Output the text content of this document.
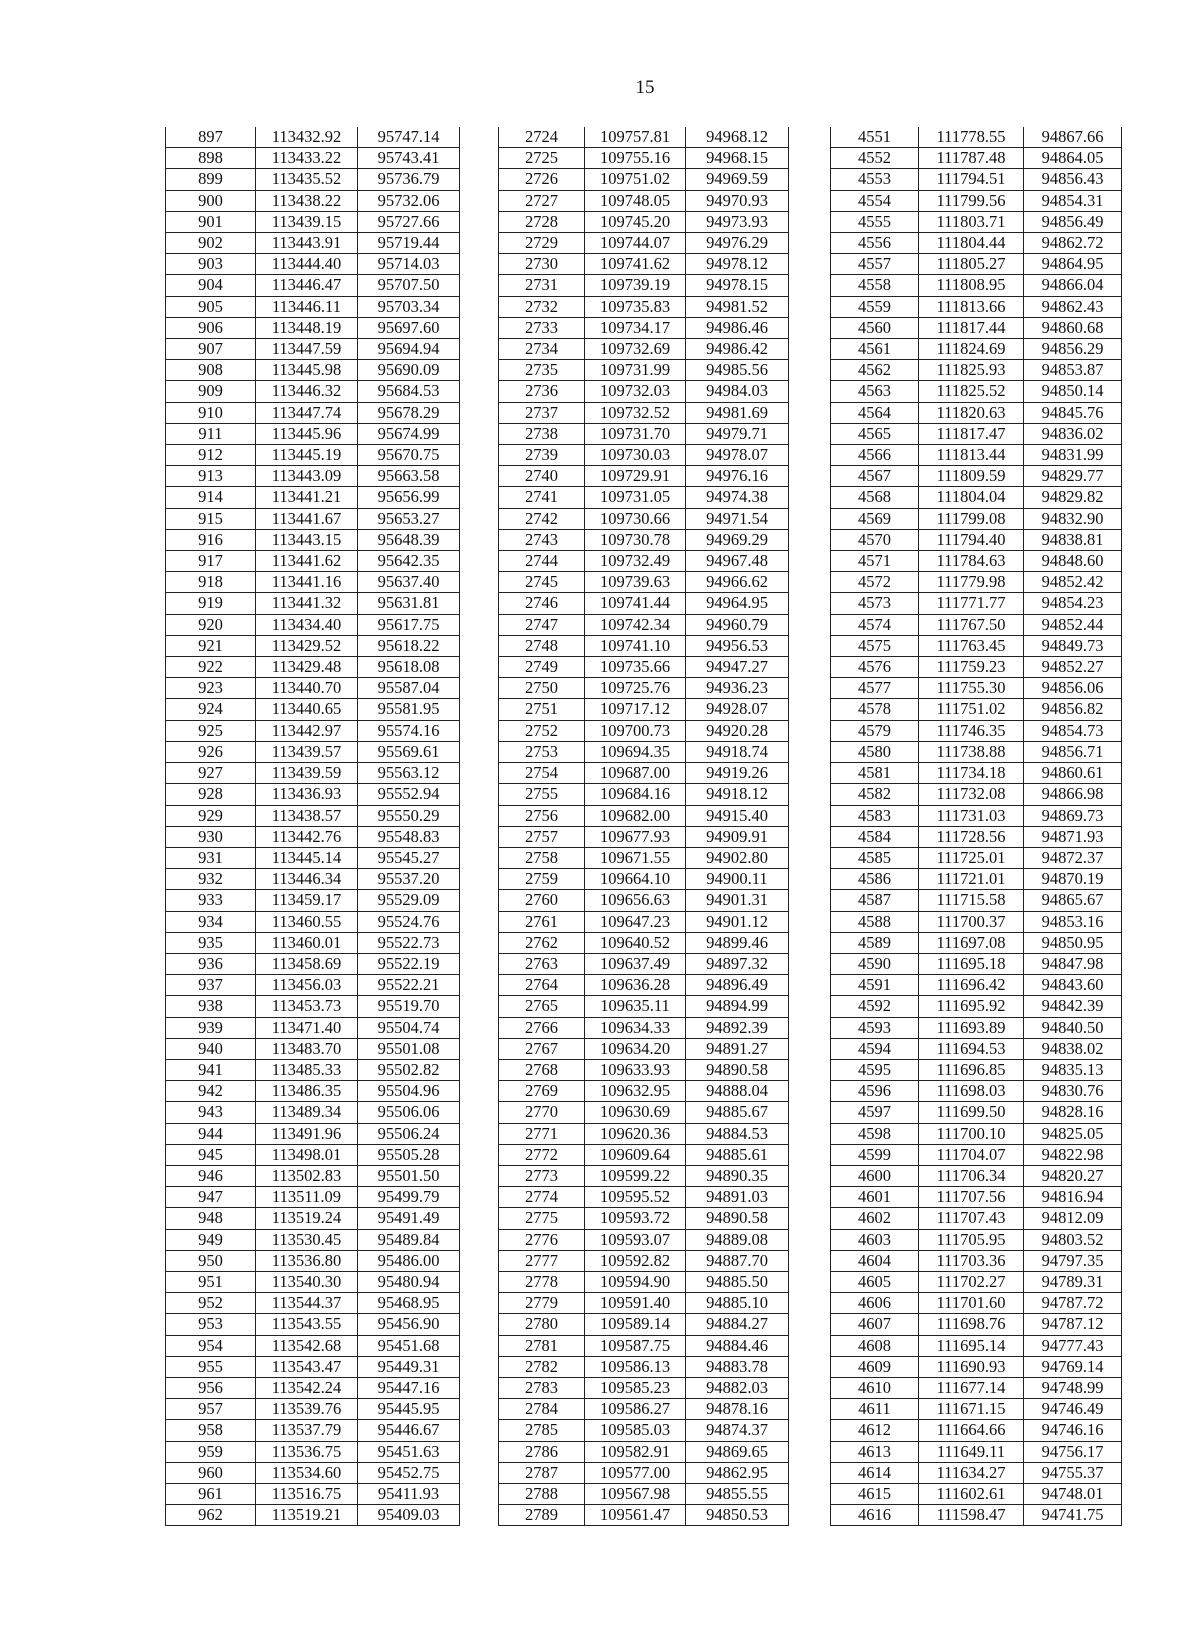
15
897	113432.92	95747.14
898	113433.22	95743.41
899	113435.52	95736.79
900	113438.22	95732.06
901	113439.15	95727.66
902	113443.91	95719.44
903	113444.40	95714.03
904	113446.47	95707.50
905	113446.11	95703.34
906	113448.19	95697.60
907	113447.59	95694.94
908	113445.98	95690.09
909	113446.32	95684.53
910	113447.74	95678.29
911	113445.96	95674.99
912	113445.19	95670.75
913	113443.09	95663.58
914	113441.21	95656.99
915	113441.67	95653.27
916	113443.15	95648.39
917	113441.62	95642.35
918	113441.16	95637.40
919	113441.32	95631.81
920	113434.40	95617.75
921	113429.52	95618.22
922	113429.48	95618.08
923	113440.70	95587.04
924	113440.65	95581.95
925	113442.97	95574.16
926	113439.57	95569.61
927	113439.59	95563.12
928	113436.93	95552.94
929	113438.57	95550.29
930	113442.76	95548.83
931	113445.14	95545.27
932	113446.34	95537.20
933	113459.17	95529.09
934	113460.55	95524.76
935	113460.01	95522.73
936	113458.69	95522.19
937	113456.03	95522.21
938	113453.73	95519.70
939	113471.40	95504.74
940	113483.70	95501.08
941	113485.33	95502.82
942	113486.35	95504.96
943	113489.34	95506.06
944	113491.96	95506.24
945	113498.01	95505.28
946	113502.83	95501.50
947	113511.09	95499.79
948	113519.24	95491.49
949	113530.45	95489.84
950	113536.80	95486.00
951	113540.30	95480.94
952	113544.37	95468.95
953	113543.55	95456.90
954	113542.68	95451.68
955	113543.47	95449.31
956	113542.24	95447.16
957	113539.76	95445.95
958	113537.79	95446.67
959	113536.75	95451.63
960	113534.60	95452.75
961	113516.75	95411.93
962	113519.21	95409.03
2724	109757.81	94968.12
2725	109755.16	94968.15
2726	109751.02	94969.59
2727	109748.05	94970.93
2728	109745.20	94973.93
2729	109744.07	94976.29
2730	109741.62	94978.12
2731	109739.19	94978.15
2732	109735.83	94981.52
2733	109734.17	94986.46
2734	109732.69	94986.42
2735	109731.99	94985.56
2736	109732.03	94984.03
2737	109732.52	94981.69
2738	109731.70	94979.71
2739	109730.03	94978.07
2740	109729.91	94976.16
2741	109731.05	94974.38
2742	109730.66	94971.54
2743	109730.78	94969.29
2744	109732.49	94967.48
2745	109739.63	94966.62
2746	109741.44	94964.95
2747	109742.34	94960.79
2748	109741.10	94956.53
2749	109735.66	94947.27
2750	109725.76	94936.23
2751	109717.12	94928.07
2752	109700.73	94920.28
2753	109694.35	94918.74
2754	109687.00	94919.26
2755	109684.16	94918.12
2756	109682.00	94915.40
2757	109677.93	94909.91
2758	109671.55	94902.80
2759	109664.10	94900.11
2760	109656.63	94901.31
2761	109647.23	94901.12
2762	109640.52	94899.46
2763	109637.49	94897.32
2764	109636.28	94896.49
2765	109635.11	94894.99
2766	109634.33	94892.39
2767	109634.20	94891.27
2768	109633.93	94890.58
2769	109632.95	94888.04
2770	109630.69	94885.67
2771	109620.36	94884.53
2772	109609.64	94885.61
2773	109599.22	94890.35
2774	109595.52	94891.03
2775	109593.72	94890.58
2776	109593.07	94889.08
2777	109592.82	94887.70
2778	109594.90	94885.50
2779	109591.40	94885.10
2780	109589.14	94884.27
2781	109587.75	94884.46
2782	109586.13	94883.78
2783	109585.23	94882.03
2784	109586.27	94878.16
2785	109585.03	94874.37
2786	109582.91	94869.65
2787	109577.00	94862.95
2788	109567.98	94855.55
2789	109561.47	94850.53
4551	111778.55	94867.66
4552	111787.48	94864.05
4553	111794.51	94856.43
4554	111799.56	94854.31
4555	111803.71	94856.49
4556	111804.44	94862.72
4557	111805.27	94864.95
4558	111808.95	94866.04
4559	111813.66	94862.43
4560	111817.44	94860.68
4561	111824.69	94856.29
4562	111825.93	94853.87
4563	111825.52	94850.14
4564	111820.63	94845.76
4565	111817.47	94836.02
4566	111813.44	94831.99
4567	111809.59	94829.77
4568	111804.04	94829.82
4569	111799.08	94832.90
4570	111794.40	94838.81
4571	111784.63	94848.60
4572	111779.98	94852.42
4573	111771.77	94854.23
4574	111767.50	94852.44
4575	111763.45	94849.73
4576	111759.23	94852.27
4577	111755.30	94856.06
4578	111751.02	94856.82
4579	111746.35	94854.73
4580	111738.88	94856.71
4581	111734.18	94860.61
4582	111732.08	94866.98
4583	111731.03	94869.73
4584	111728.56	94871.93
4585	111725.01	94872.37
4586	111721.01	94870.19
4587	111715.58	94865.67
4588	111700.37	94853.16
4589	111697.08	94850.95
4590	111695.18	94847.98
4591	111696.42	94843.60
4592	111695.92	94842.39
4593	111693.89	94840.50
4594	111694.53	94838.02
4595	111696.85	94835.13
4596	111698.03	94830.76
4597	111699.50	94828.16
4598	111700.10	94825.05
4599	111704.07	94822.98
4600	111706.34	94820.27
4601	111707.56	94816.94
4602	111707.43	94812.09
4603	111705.95	94803.52
4604	111703.36	94797.35
4605	111702.27	94789.31
4606	111701.60	94787.72
4607	111698.76	94787.12
4608	111695.14	94777.43
4609	111690.93	94769.14
4610	111677.14	94748.99
4611	111671.15	94746.49
4612	111664.66	94746.16
4613	111649.11	94756.17
4614	111634.27	94755.37
4615	111602.61	94748.01
4616	111598.47	94741.75
